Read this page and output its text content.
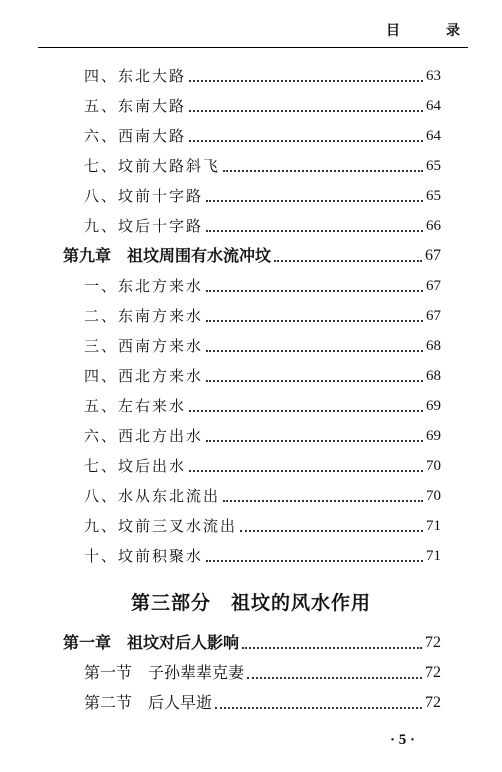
目　录
四、东北大路	63
五、东南大路	64
六、西南大路	64
七、坟前大路斜飞	65
八、坟前十字路	65
九、坟后十字路	66
第九章　祖坟周围有水流冲坟	67
一、东北方来水	67
二、东南方来水	67
三、西南方来水	68
四、西北方来水	68
五、左右来水	69
六、西北方出水	69
七、坟后出水	70
八、水从东北流出	70
九、坟前三叉水流出	71
十、坟前积聚水	71
第一章　祖坟对后人影响	72
第一节　子孙辈辈克妻	72
第二节　后人早逝	72
第三部分　祖坟的风水作用
· 5 ·
